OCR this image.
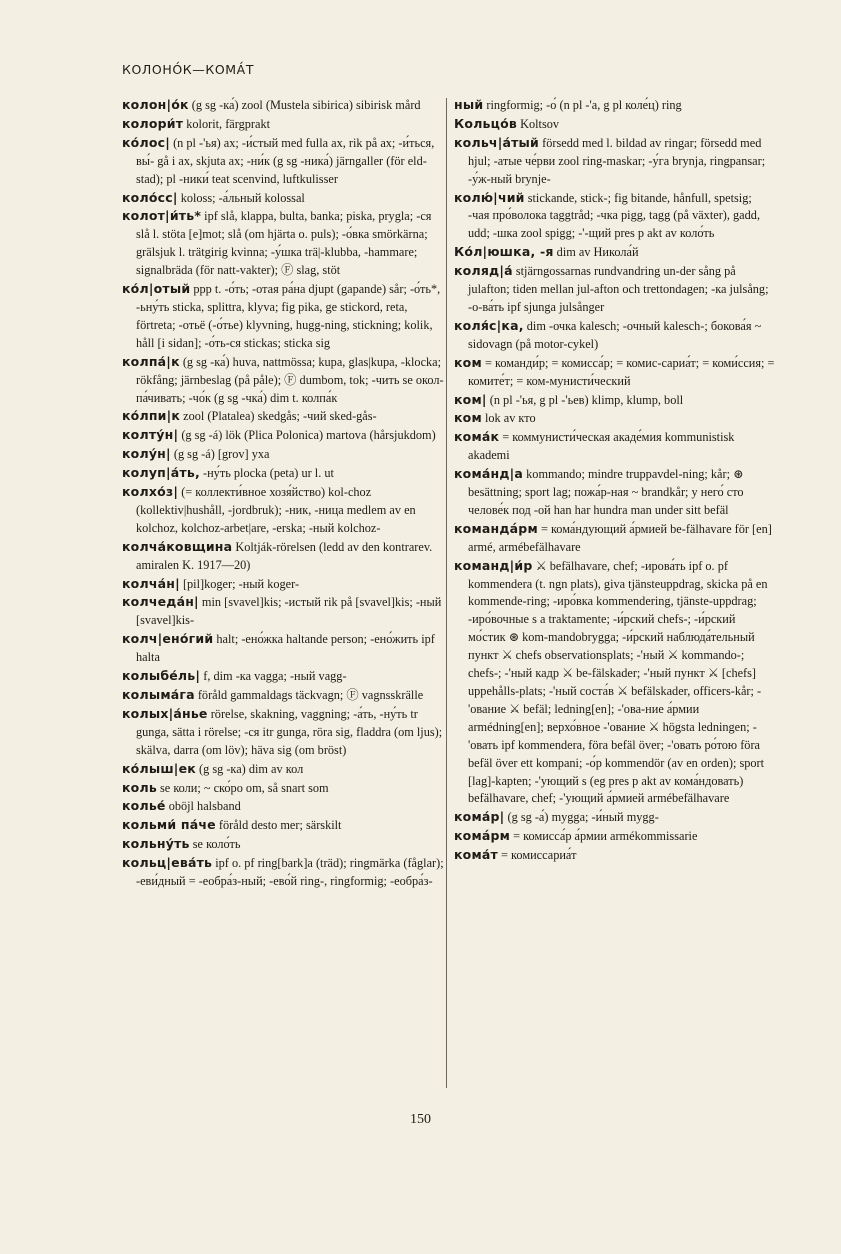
КОЛОНО́К—КОМА́Т

колон|о́к (g sg -ка́) zool (Mustela sibirica) sibirisk mård

колори́т kolorit, färgprakt

ко́лос| (n pl -'ья) ax; -и́стый med fulla ax, rik på ax; -и́ться, вы́- gå i ax, skjuta ax; -ни́к (g sg -ника́) järngaller (för eld-stad); pl -ники́ teat scenvind, luftkulisser

коло́сс| koloss; -а́льный kolossal

колот|и́ть* ipf slå, klappa, bulta, banka; piska, prygla; -ся slå l. stöta [e]mot; slå (om hjärta o. puls); -о́вка smörkärna; grälsjuk l. trätgirig kvinna; -у́шка trä|-klubba, -hammare; signalbräda (för natt-vakter); Ⓕ slag, stöt

ко́л|отый ppp t. -о́ть; -отая ра́на djupt (gapande) sår; -о́ть*, -ьну́ть sticka, splittra, klyva; fig pika, ge stickord, reta, förtreta; -отьё (-о́тье) klyvning, hugg-ning, stickning; kolik, håll [i sidan]; -о́ть-ся stickas; sticka sig

колпа́|к (g sg -ка́) huva, nattmössa; kupa, glas|kupa, -klocka; rökfång; järnbeslag (på påle); Ⓕ dumbom, tok; -чить se окол-па́чивать; -чо́к (g sg -чка́) dim t. колпа́к

ко́лпи|к zool (Platalea) skedgås; -чий sked-gås-

колту́н| (g sg -á) lök (Plica Polonica) martova (hårsjukdom)

колу́н| (g sg -á) [grov] yxa

колуп|а́ть, -ну́ть plocka (peta) ur l. ut

колхо́з| (= коллекти́вное хозя́йство) kol-choz (kollektiv|hushåll, -jordbruk); -ник, -ница medlem av en kolchoz, kolchoz-arbet|are, -erska; -ный kolchoz-

колча́ковщина Koltják-rörelsen (ledd av den kontrarev. amiralen K. 1917—20)

колча́н| [pil]koger; -ный koger-

колчеда́н| min [svavel]kis; -истый rik på [svavel]kis; -ный [svavel]kis-

колч|ено́гий halt; -ено́жка haltande person; -ено́жить ipf halta

колыбе́ль| f, dim -ка vagga; -ный vagg-

колыма́га föråld gammaldags täckvagn; Ⓕ vagnsskrälle

колых|а́нье rörelse, skakning, vaggning; -а́ть, -ну́ть tr gunga, sätta i rörelse; -ся itr gunga, röra sig, fladdra (om ljus); skälva, darra (om löv); häva sig (om bröst)

ко́лыш|ек (g sg -ка) dim av кол

коль se коли; ~ ско́ро om, så snart som

колье́ oböjl halsband

кольми́ па́че föråld desto mer; särskilt

кольну́ть se коло́ть

кольц|ева́ть ipf o. pf ring[bark]a (träd); ringmärka (fåglar); -еви́дный = -еобра́з-ный; -ево́й ring-, ringformig; -еобра́з-

ный ringformig; -о́ (n pl -'а, g pl коле́ц) ring

Кольцо́в Koltsov

кольч|а́тый försedd med l. bildad av ringar; försedd med hjul; -атые че́рви zool ring-maskar; -у́га brynja, ringpansar; -у́ж-ный brynje-

колю́|чий stickande, stick-; fig bitande, hånfull, spetsig; -чая про́волока taggtråd; -чка pigg, tagg (på växter), gadd, udd; -шка zool spigg; -'-щий pres p akt av коло́ть

Ко́л|юшка, -я dim av Никола́й

коляд|а́ stjärngossarnas rundvandring un-der sång på julafton; tiden mellan jul-afton och trettondagen; -ка julsång; -о-ва́ть ipf sjunga julsånger

коля́с|ка, dim -очка kalesch; -очный kalesch-; бокова́я ~ sidovagn (på motor-cykel)

ком = команди́р; = комисса́р; = комис-сариа́т; = коми́ссия; = комите́т; = ком-мунисти́ческий

ком| (n pl -'ья, g pl -'ьев) klimp, klump, boll

ком lok av кто

кома́к = коммунисти́ческая акаде́мия kommunistisk akademi

кома́нд|а kommando; mindre truppavdel-ning; kår; ⊛ besättning; sport lag; пожа́р-ная ~ brandkår; у него́ сто челове́к под -ой han har hundra man under sitt befäl

командáрм = кома́ндующий а́рмией be-fälhavare för [en] armé, armébefälhavare

команд|и́р ⚔ befälhavare, chef; -ирова́ть ipf o. pf kommendera (t. ngn plats), giva tjänsteuppdrag, skicka på en kommende-ring; -иро́вка kommendering, tjänste-uppdrag; -иро́вочные s a traktamente; -и́рский chefs-; -и́рский мо́стик ⊛ kom-mandobrygga; -и́рский наблюда́тельный пункт ⚔ chefs observationsplats; -'ный ⚔ kommando-; chefs-; -'ный кадр ⚔ be-fälskader; -'ный пункт ⚔ [chefs] uppehålls-plats; -'ный соста́в ⚔ befälskader, officers-kår; -'ование ⚔ befäl; ledning[en]; -'ова-ние а́рмии armédning[en]; верхо́вное -'ование ⚔ högsta ledningen; -'овать ipf kommendera, föra befäl över; -'овать ро́тою föra befäl över ett kompani; -о́р kommendör (av en orden); sport [lag]-kapten; -'ующий s (eg pres p akt av кома́ндовать) befälhavare, chef; -'ующий а́рмией armébefälhavare

кома́р| (g sg -а́) mygga; -и́ный mygg-

комáрм = комисса́р а́рмии armékommissarie

кома́т = комиссариа́т

150
